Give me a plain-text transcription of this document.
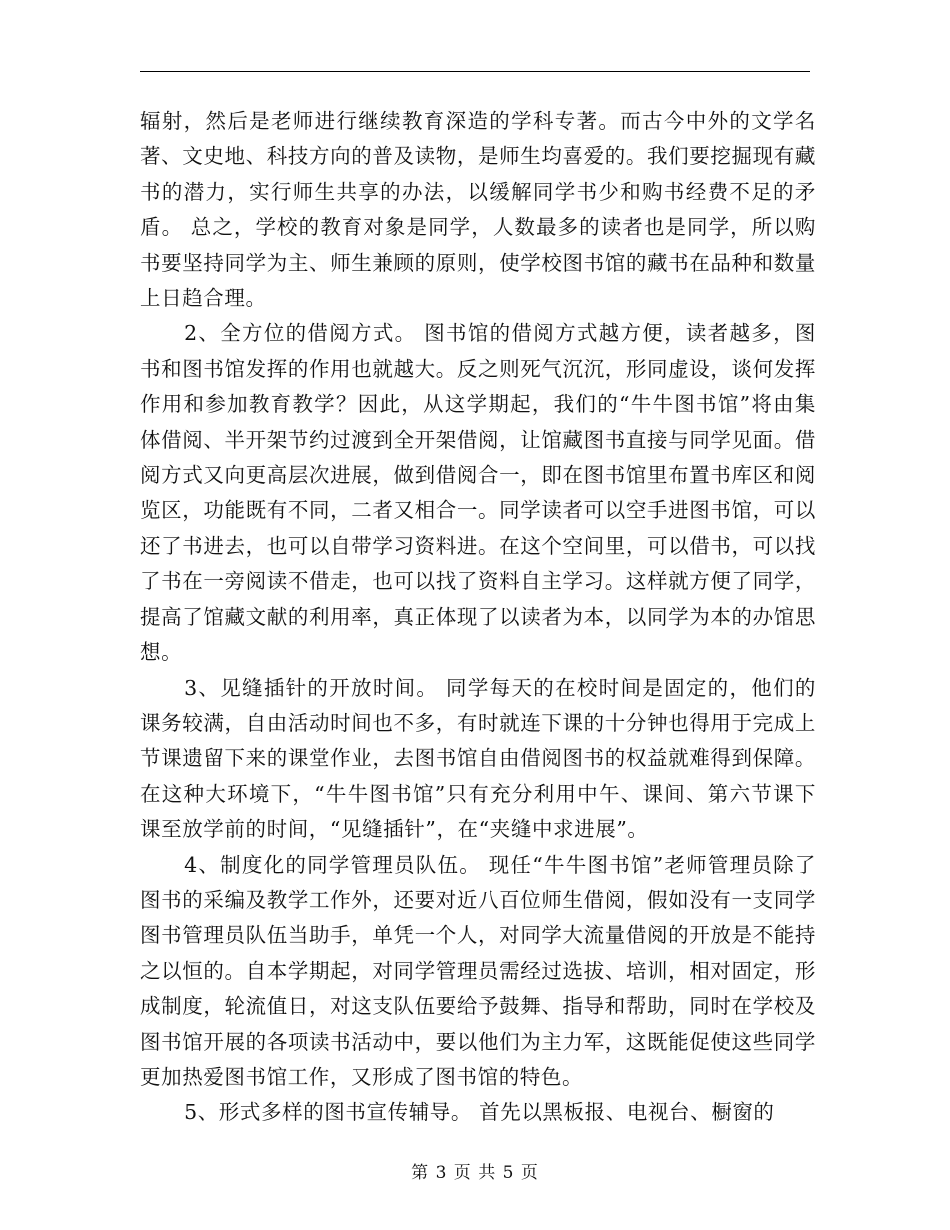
辐射，然后是老师进行继续教育深造的学科专著。而古今中外的文学名著、文史地、科技方向的普及读物，是师生均喜爱的。我们要挖掘现有藏书的潜力，实行师生共享的办法，以缓解同学书少和购书经费不足的矛盾。 总之，学校的教育对象是同学，人数最多的读者也是同学，所以购书要坚持同学为主、师生兼顾的原则，使学校图书馆的藏书在品种和数量上日趋合理。

2、全方位的借阅方式。 图书馆的借阅方式越方便，读者越多，图书和图书馆发挥的作用也就越大。反之则死气沉沉，形同虚设，谈何发挥作用和参加教育教学？因此，从这学期起，我们的“牛牛图书馆”将由集体借阅、半开架节约过渡到全开架借阅，让馆藏图书直接与同学见面。借阅方式又向更高层次进展，做到借阅合一，即在图书馆里布置书库区和阅览区，功能既有不同，二者又相合一。同学读者可以空手进图书馆，可以还了书进去，也可以自带学习资料进。在这个空间里，可以借书，可以找了书在一旁阅读不借走，也可以找了资料自主学习。这样就方便了同学，提高了馆藏文献的利用率，真正体现了以读者为本，以同学为本的办馆思想。

3、见缝插针的开放时间。 同学每天的在校时间是固定的，他们的课务较满，自由活动时间也不多，有时就连下课的十分钟也得用于完成上节课遗留下来的课堂作业，去图书馆自由借阅图书的权益就难得到保障。在这种大环境下，“牛牛图书馆”只有充分利用中午、课间、第六节课下课至放学前的时间，“见缝插针”，在“夹缝中求进展”。

4、制度化的同学管理员队伍。 现任“牛牛图书馆”老师管理员除了图书的采编及教学工作外，还要对近八百位师生借阅，假如没有一支同学图书管理员队伍当助手，单凭一个人，对同学大流量借阅的开放是不能持之以恒的。自本学期起，对同学管理员需经过选拔、培训，相对固定，形成制度，轮流值日，对这支队伍要给予鼓舞、指导和帮助，同时在学校及图书馆开展的各项读书活动中，要以他们为主力军，这既能促使这些同学更加热爱图书馆工作，又形成了图书馆的特色。

5、形式多样的图书宣传辅导。 首先以黑板报、电视台、橱窗的

第 3 页 共 5 页
